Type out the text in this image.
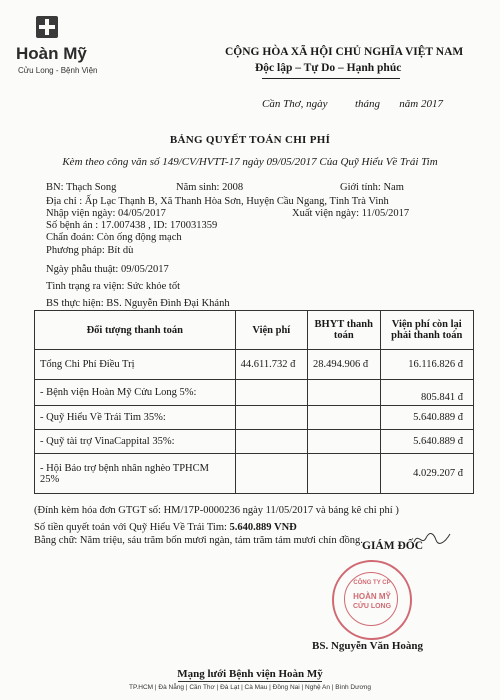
Hoàn Mỹ
Cửu Long - Bệnh Viện
CỘNG HÒA XÃ HỘI CHỦ NGHĨA VIỆT NAM
Độc lập – Tự Do – Hạnh phúc
Cần Thơ, ngày          tháng       năm 2017
BẢNG QUYẾT TOÁN CHI PHÍ
Kèm theo công văn số 149/CV/HVTT-17 ngày 09/05/2017 Của Quỹ Hiểu Về Trái Tim
BN: Thạch Song	Năm sinh: 2008	Giới tính: Nam
Địa chỉ : Ấp Lạc Thạnh B, Xã Thanh Hòa Sơn, Huyện Cầu Ngang, Tỉnh Trà Vinh
Nhập viện ngày: 04/05/2017	Xuất viện ngày: 11/05/2017
Số bệnh án : 17.007438 , ID: 170031359
Chẩn đoán: Còn ống động mạch
Phương pháp: Bít dù
Ngày phẫu thuật: 09/05/2017
Tình trạng ra viện: Sức khỏe tốt
BS thực hiện: BS. Nguyễn Đình Đại Khánh
Đối tượng thanh toán	Viện phí	BHYT thanh toán	Viện phí còn lại phải thanh toán
Tổng Chi Phí Điều Trị	44.611.732 đ	28.494.906 đ	16.116.826 đ
- Bệnh viện Hoàn Mỹ Cửu Long 5%:			805.841 đ
- Quỹ Hiểu Về Trái Tim 35%:			5.640.889 đ
- Quỹ tài trợ VinaCappital 35%:			5.640.889 đ
- Hội Bảo trợ bệnh nhân nghèo TPHCM 25%			4.029.207 đ
(Đính kèm hóa đơn GTGT số: HM/17P-0000236 ngày 11/05/2017 và bảng kê chi phí )
Số tiền quyết toán với Quỹ Hiểu Về Trái Tim: 5.640.889 VNĐ
Bằng chữ: Năm triệu, sáu trăm bốn mươi ngàn, tám trăm tám mươi chín đồng.
CÔNG TY CP
HOÀN MỸ
CỬU LONG
GIÁM ĐỐC
BS. Nguyễn Văn Hoàng
Mạng lưới Bệnh viện Hoàn Mỹ
TP.HCM | Đà Nẵng | Cần Thơ | Đà Lạt | Cà Mau | Đồng Nai | Nghệ An | Bình Dương
